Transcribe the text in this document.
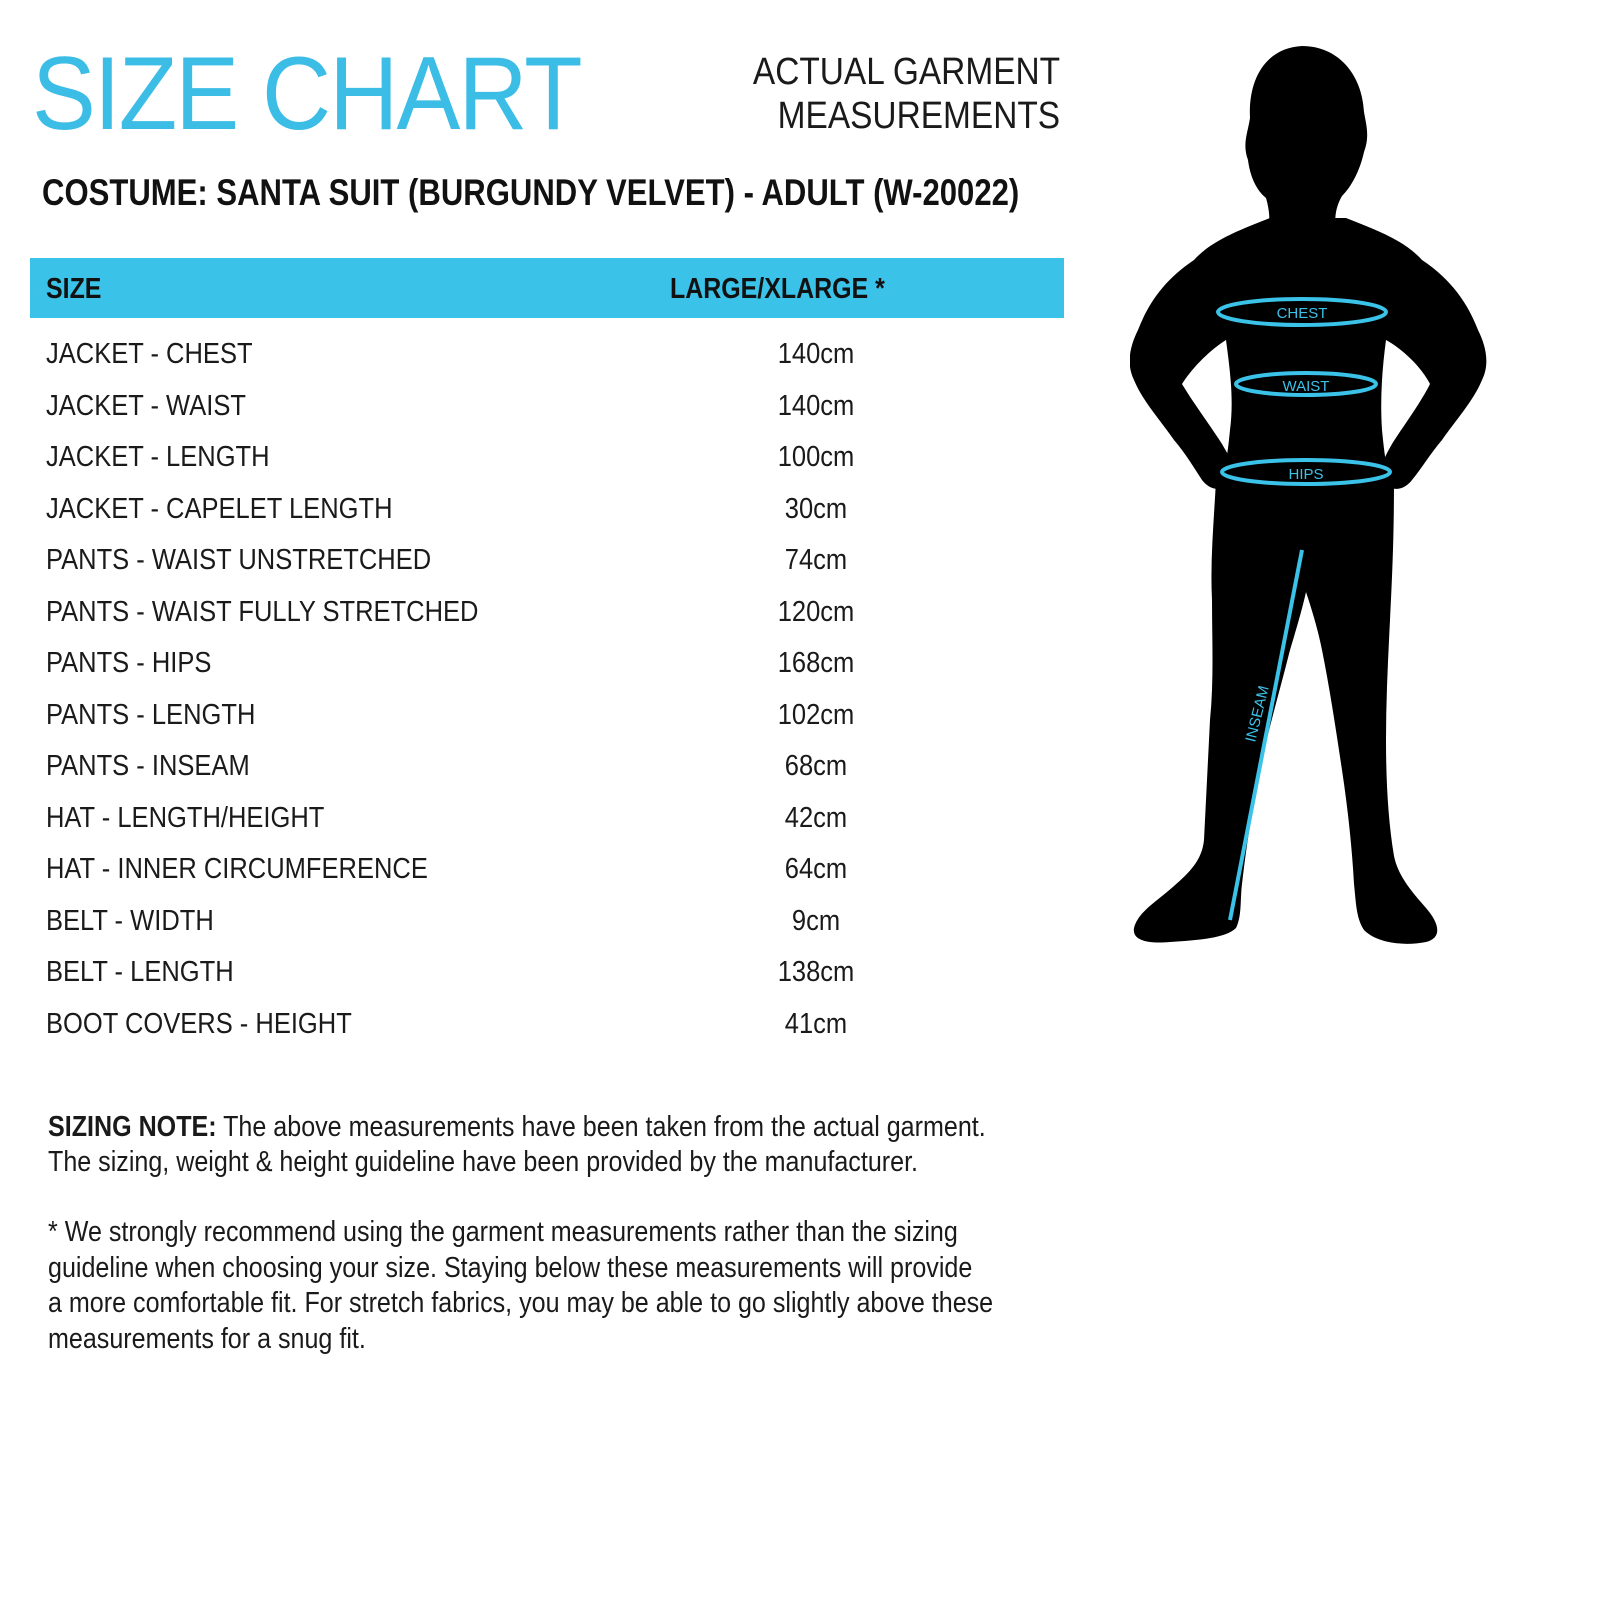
SIZE CHART	ACTUAL GARMENT
MEASUREMENTS
COSTUME: SANTA SUIT (BURGUNDY VELVET) - ADULT (W-20022)
SIZE	LARGE/XLARGE *
JACKET - CHEST	140cm
JACKET - WAIST	140cm
JACKET - LENGTH	100cm
JACKET - CAPELET LENGTH	30cm
PANTS - WAIST UNSTRETCHED	74cm
PANTS - WAIST FULLY STRETCHED	120cm
PANTS - HIPS	168cm
PANTS - LENGTH	102cm
PANTS - INSEAM	68cm
HAT - LENGTH/HEIGHT	42cm
HAT - INNER CIRCUMFERENCE	64cm
BELT - WIDTH	9cm
BELT - LENGTH	138cm
BOOT COVERS - HEIGHT	41cm
SIZING NOTE: The above measurements have been taken from the actual garment.
The sizing, weight & height guideline have been provided by the manufacturer.
* We strongly recommend using the garment measurements rather than the sizing
guideline when choosing your size. Staying below these measurements will provide
a more comfortable fit. For stretch fabrics, you may be able to go slightly above these
measurements for a snug fit.
CHEST
WAIST
HIPS
INSEAM
